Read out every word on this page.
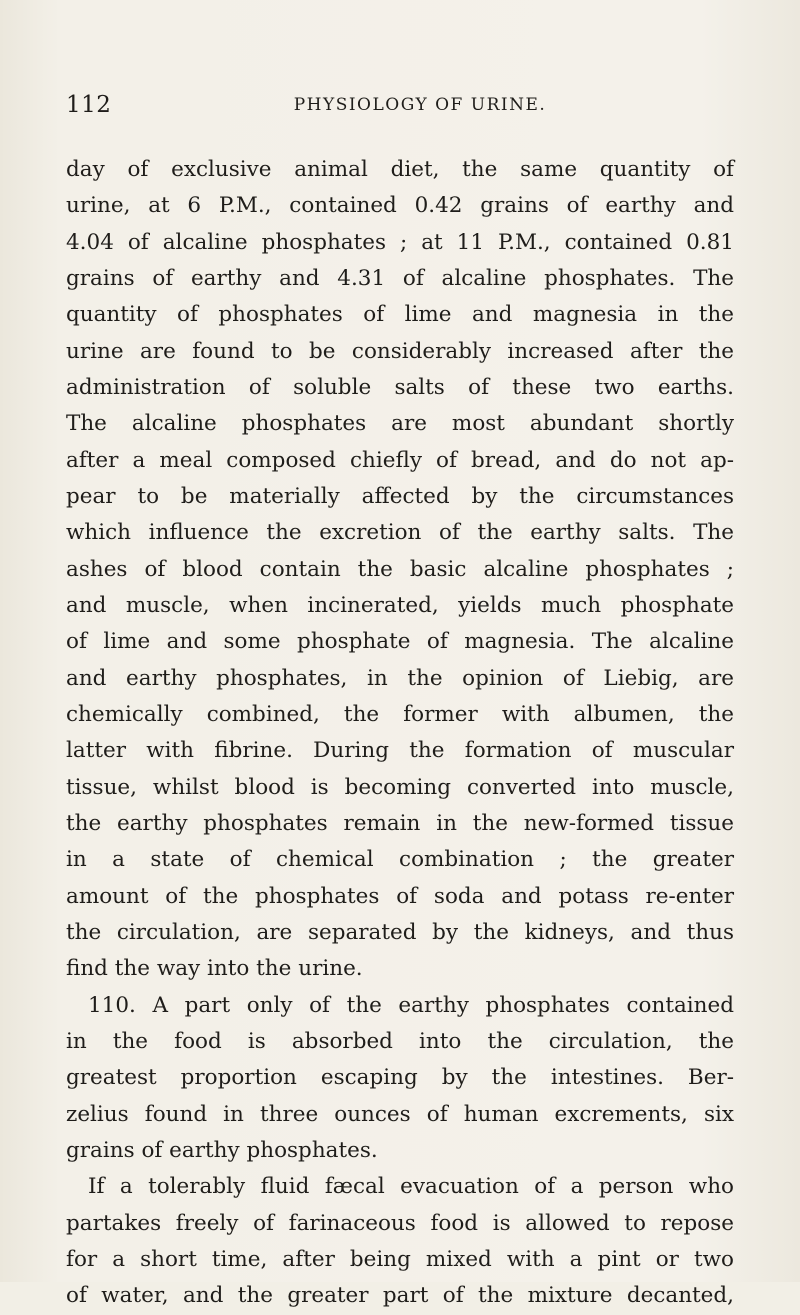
112	PHYSIOLOGY OF URINE.
day of exclusive animal diet, the same quantity of
urine, at 6 P.M., contained 0.42 grains of earthy and
4.04 of alcaline phosphates ; at 11 P.M., contained 0.81
grains of earthy and 4.31 of alcaline phosphates. The
quantity of phosphates of lime and magnesia in the
urine are found to be considerably increased after the
administration of soluble salts of these two earths.
The alcaline phosphates are most abundant shortly
after a meal composed chiefly of bread, and do not ap-
pear to be materially affected by the circumstances
which influence the excretion of the earthy salts. The
ashes of blood contain the basic alcaline phosphates ;
and muscle, when incinerated, yields much phosphate
of lime and some phosphate of magnesia. The alcaline
and earthy phosphates, in the opinion of Liebig, are
chemically combined, the former with albumen, the
latter with fibrine. During the formation of muscular
tissue, whilst blood is becoming converted into muscle,
the earthy phosphates remain in the new-formed tissue
in a state of chemical combination ; the greater
amount of the phosphates of soda and potass re-enter
the circulation, are separated by the kidneys, and thus
find the way into the urine.
110. A part only of the earthy phosphates contained
in the food is absorbed into the circulation, the
greatest proportion escaping by the intestines. Ber-
zelius found in three ounces of human excrements, six
grains of earthy phosphates.
If a tolerably fluid fæcal evacuation of a person who
partakes freely of farinaceous food is allowed to repose
for a short time, after being mixed with a pint or two
of water, and the greater part of the mixture decanted,
